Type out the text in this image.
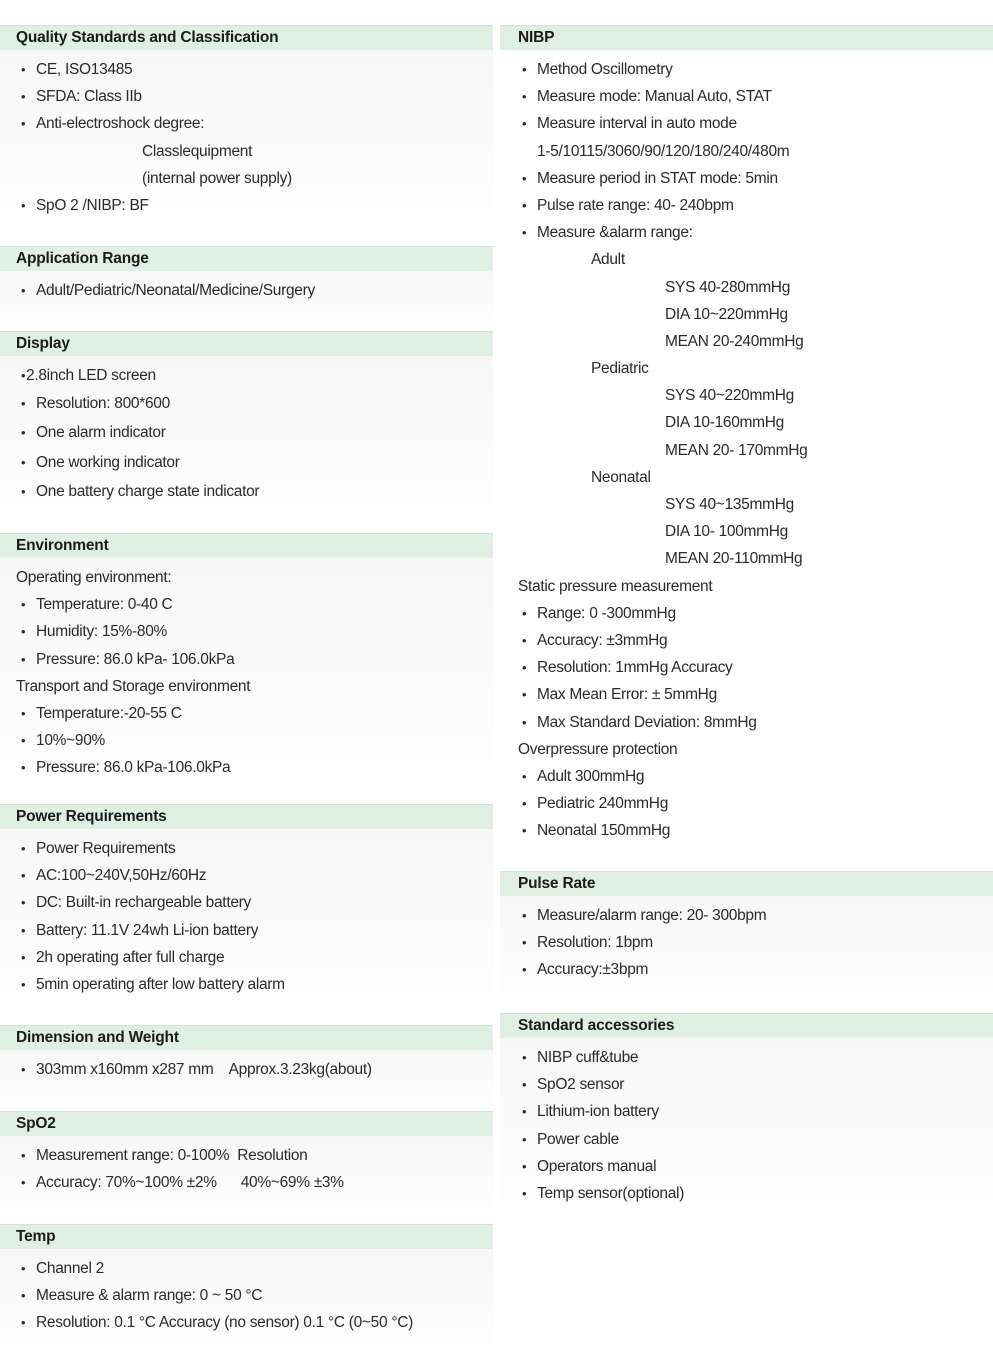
Quality Standards and Classification
• CE, ISO13485
• SFDA: Class IIb
• Anti-electroshock degree:
Classlequipment
(internal power supply)
• SpO 2 /NIBP: BF
Application Range
• Adult/Pediatric/Neonatal/Medicine/Surgery
Display
• 2.8inch LED screen
• Resolution: 800*600
• One alarm indicator
• One working indicator
• One battery charge state indicator
Environment
Operating environment:
• Temperature: 0-40 C
• Humidity: 15%-80%
• Pressure: 86.0 kPa- 106.0kPa
Transport and Storage environment
• Temperature:-20-55 C
• 10%~90%
• Pressure: 86.0 kPa-106.0kPa
Power Requirements
• Power Requirements
• AC:100~240V,50Hz/60Hz
• DC: Built-in rechargeable battery
• Battery: 11.1V 24wh Li-ion battery
• 2h operating after full charge
• 5min operating after low battery alarm
Dimension and Weight
• 303mm x160mm x287 mm    Approx.3.23kg(about)
SpO2
• Measurement range: 0-100%  Resolution
• Accuracy: 70%~100% ±2%      40%~69% ±3%
Temp
• Channel 2
• Measure & alarm range: 0 ~ 50 °C
• Resolution: 0.1 °C Accuracy (no sensor) 0.1 °C (0~50 °C)
NIBP
• Method Oscillometry
• Measure mode: Manual Auto, STAT
• Measure interval in auto mode
1-5/10115/3060/90/120/180/240/480m
• Measure period in STAT mode: 5min
• Pulse rate range: 40- 240bpm
• Measure &alarm range:
Adult
SYS 40-280mmHg
DIA 10~220mmHg
MEAN 20-240mmHg
Pediatric
SYS 40~220mmHg
DIA 10-160mmHg
MEAN 20- 170mmHg
Neonatal
SYS 40~135mmHg
DIA 10- 100mmHg
MEAN 20-110mmHg
Static pressure measurement
• Range: 0 -300mmHg
• Accuracy: ±3mmHg
• Resolution: 1mmHg Accuracy
• Max Mean Error: ± 5mmHg
• Max Standard Deviation: 8mmHg
Overpressure protection
• Adult 300mmHg
• Pediatric 240mmHg
• Neonatal 150mmHg
Pulse Rate
• Measure/alarm range: 20- 300bpm
• Resolution: 1bpm
• Accuracy:±3bpm
Standard accessories
• NIBP cuff&tube
• SpO2 sensor
• Lithium-ion battery
• Power cable
• Operators manual
• Temp sensor(optional)
